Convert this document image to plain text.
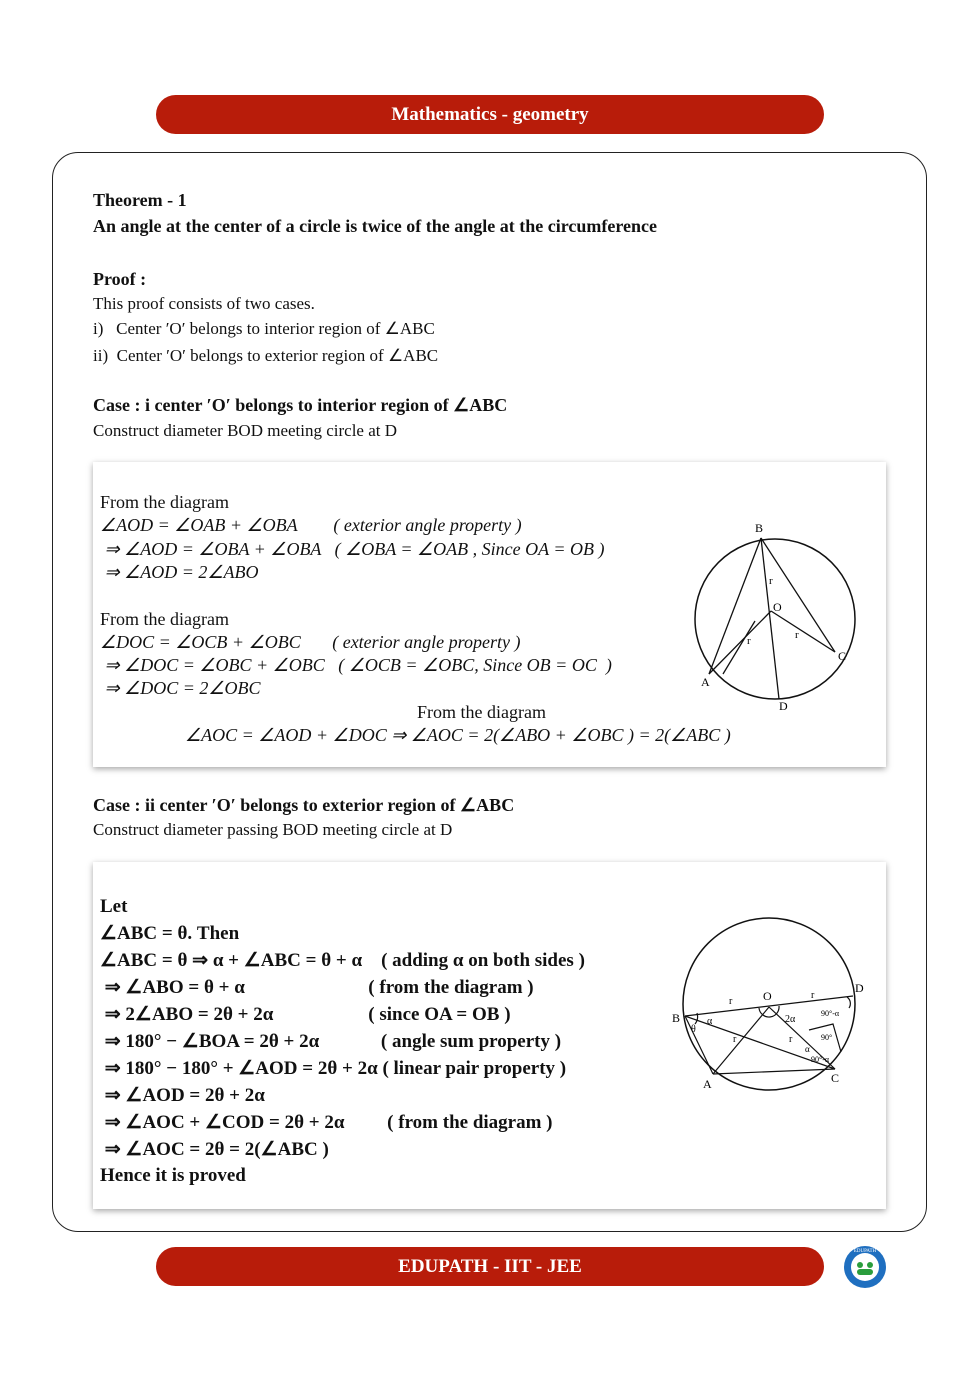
Mathematics - geometry
Theorem - 1
An angle at the center of a circle is twice of the angle at the circumference
Proof :
This proof consists of two cases.
i)   Center ′O′ belongs to interior region of ∠ABC
ii)  Center ′O′ belongs to exterior region of ∠ABC
Case : i center ′O′ belongs to interior region of ∠ABC
Construct diameter BOD meeting circle at D
From the diagram
∠AOD = ∠OAB + ∠OBA        ( exterior angle property )
⇒ ∠AOD = ∠OBA + ∠OBA   ( ∠OBA = ∠OAB , Since OA = OB )
⇒ ∠AOD = 2∠ABO
From the diagram
∠DOC = ∠OCB + ∠OBC       ( exterior angle property )
⇒ ∠DOC = ∠OBC + ∠OBC   ( ∠OCB = ∠OBC, Since OB = OC  )
⇒ ∠DOC = 2∠OBC
From the diagram
∠AOC = ∠AOD + ∠DOC ⇒ ∠AOC = 2(∠ABO + ∠OBC ) = 2(∠ABC )
B
O
A
C
D
r
r	r
Case : ii center ′O′ belongs to exterior region of ∠ABC
Construct diameter passing BOD meeting circle at D
Let
∠ABC = θ. Then
∠ABC = θ ⇒ α + ∠ABC = θ + α    ( adding α on both sides )
⇒ ∠ABO = θ + α                          ( from the diagram )
⇒ 2∠ABO = 2θ + 2α                    ( since OA = OB )
⇒ 180° − ∠BOA = 2θ + 2α             ( angle sum property )
⇒ 180° − 180° + ∠AOD = 2θ + 2α ( linear pair property )
⇒ ∠AOD = 2θ + 2α
⇒ ∠AOC + ∠COD = 2θ + 2α         ( from the diagram )
⇒ ∠AOC = 2θ = 2(∠ABC )
Hence it is proved
B
O
D
A	C
r
r
r	r
θ
α	2α
90°-α
90°
90°-α
α
EDUPATH - IIT - JEE
EDUPATH
